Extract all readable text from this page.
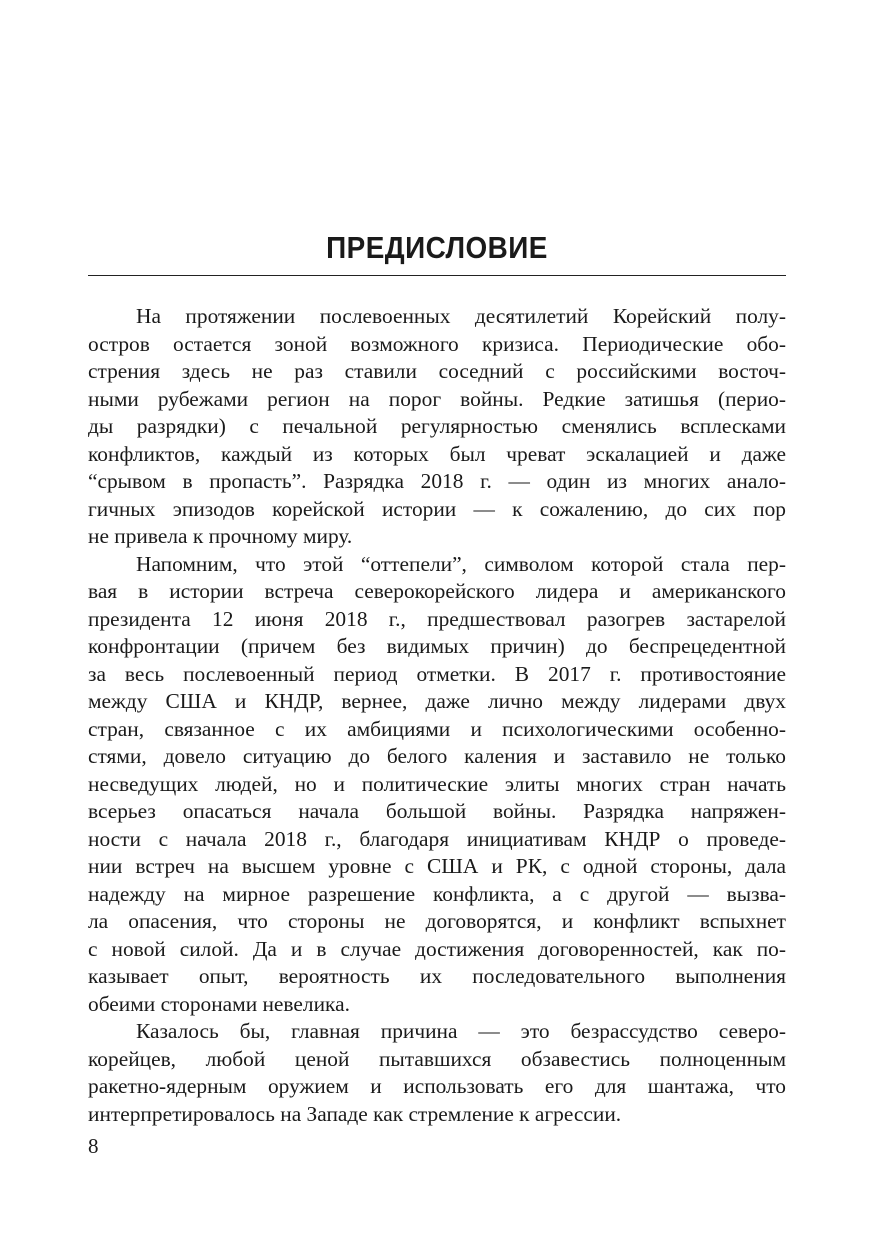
ПРЕДИСЛОВИЕ
На протяжении послевоенных десятилетий Корейский полу-
остров остается зоной возможного кризиса. Периодические обо-
стрения здесь не раз ставили соседний с российскими восточ-
ными рубежами регион на порог войны. Редкие затишья (перио-
ды разрядки) с печальной регулярностью сменялись всплесками
конфликтов, каждый из которых был чреват эскалацией и даже
“срывом в пропасть”. Разрядка 2018 г. — один из многих анало-
гичных эпизодов корейской истории — к сожалению, до сих пор
не привела к прочному миру.
Напомним, что этой “оттепели”, символом которой стала пер-
вая в истории встреча северокорейского лидера и американского
президента 12 июня 2018 г., предшествовал разогрев застарелой
конфронтации (причем без видимых причин) до беспрецедентной
за весь послевоенный период отметки. В 2017 г. противостояние
между США и КНДР, вернее, даже лично между лидерами двух
стран, связанное с их амбициями и психологическими особенно-
стями, довело ситуацию до белого каления и заставило не только
несведущих людей, но и политические элиты многих стран начать
всерьез опасаться начала большой войны. Разрядка напряжен-
ности с начала 2018 г., благодаря инициативам КНДР о проведе-
нии встреч на высшем уровне с США и РК, с одной стороны, дала
надежду на мирное разрешение конфликта, а с другой — вызва-
ла опасения, что стороны не договорятся, и конфликт вспыхнет
с новой силой. Да и в случае достижения договоренностей, как по-
казывает опыт, вероятность их последовательного выполнения
обеими сторонами невелика.
Казалось бы, главная причина — это безрассудство северо-
корейцев, любой ценой пытавшихся обзавестись полноценным
ракетно-ядерным оружием и использовать его для шантажа, что
интерпретировалось на Западе как стремление к агрессии.
8
